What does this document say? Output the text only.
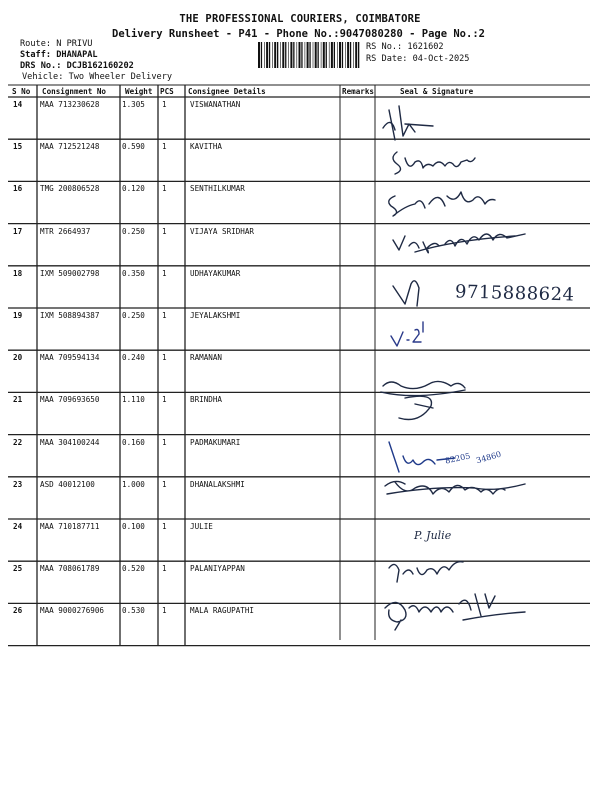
THE PROFESSIONAL COURIERS, COIMBATORE
Delivery Runsheet - P41 - Phone No.:9047080280 - Page No.:2
Route: N PRIVU
Staff: DHANAPAL
DRS No.: DCJB162160202
Vehicle: Two Wheeler Delivery
RS No.: 1621602
RS Date: 04-Oct-2025
S No Consignment No Weight PCS Consignee Details	Remarks	Seal & Signature
14 MAA 713230628	1.305 1	VISWANATHAN
15 MAA 712521248	0.590 1	KAVITHA
16 TMG 200806528	0.120 1	SENTHILKUMAR
17 MTR 2664937	0.250 1	VIJAYA SRIDHAR
18 IXM 509002798	0.350 1	UDHAYAKUMAR
19 IXM 508894387	0.250 1	JEYALAKSHMI
20 MAA 709594134	0.240 1	RAMANAN
21 MAA 709693650	1.110 1	BRINDHA
22 MAA 304100244	0.160 1	PADMAKUMARI
23 ASD 40012100	1.000 1	DHANALAKSHMI
24 MAA 710187711	0.100 1	JULIE
25 MAA 708061789	0.520 1	PALANIYAPPAN
26 MAA 9000276906 0.530 1	MALA RAGUPATHI
9715888624
82205 34860
P. Julie
